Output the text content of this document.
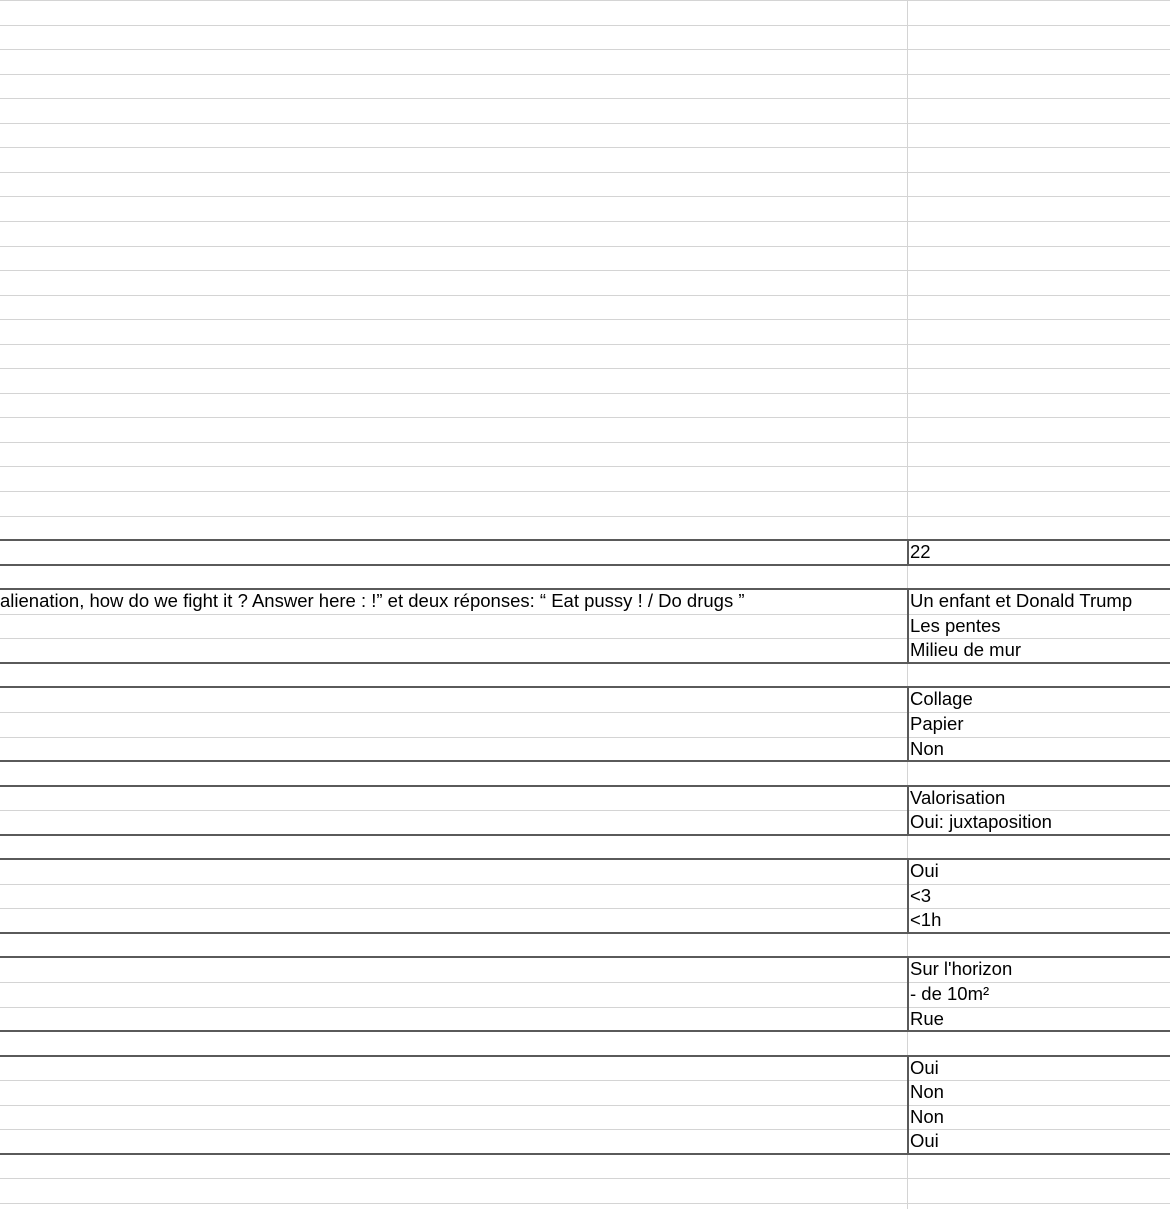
22
alienation, how do we fight it ? Answer here : !” et deux réponses: “ Eat pussy ! / Do drugs ”	Un enfant et Donald Trump
Les pentes
Milieu de mur
Collage
Papier
Non
Valorisation
Oui: juxtaposition
Oui
<3
<1h
Sur l'horizon
- de 10m²
Rue
Oui
Non
Non
Oui
